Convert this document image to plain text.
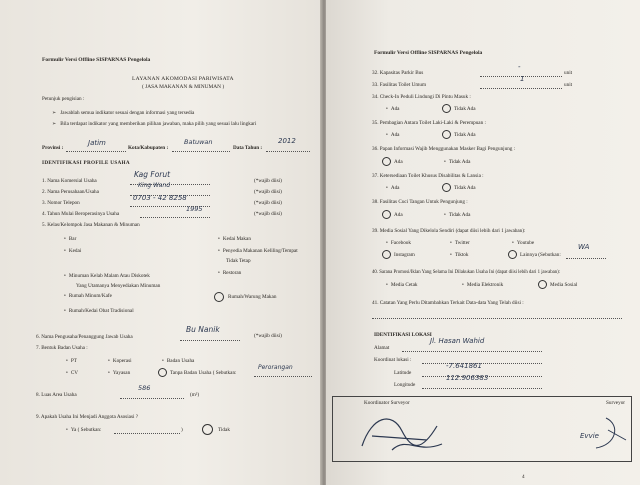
Formulir Versi Offline SISPARNAS Pengelola
LAYANAN AKOMODASI PARIWISATA
( JASA MAKANAN & MINUMAN )
Petunjuk pengisian :
➢   Jawablah semua indikator sesuai dengan informasi yang tersedia
➢   Bila terdapat indikator yang memberikan pilihan jawaban, maka pilih yang sesuai lalu lingkari
Provinsi :
Jatim
Kota/Kabupaten :
Batuwan
Data Tahun :
2012
IDENTIFIKASI PROFILE USAHA
1. Nama Komersial Usaha
Kag Forut
(*wajib diisi)
2. Nama Perusahaan/Usaha
King Wand
(*wajib diisi)
3. Nomor Telepon
0703 - 42 8258
(*wajib diisi)
4. Tahun Mulai Beroperasinya Usaha
1995
(*wajib diisi)
5. Kelas/Kelompok Jasa Makanan & Minuman
• Bar	• Kedai Makan
• Kedai	• Penyedia Makanan Keliling/Tempat
Tidak Tetap
• Minuman Kelab Malam Atau Diskotek
Yang Utamanya Menyediakan Minuman
• Restoran
• Rumah Minum/Kafe	Rumah/Warung Makan
• Rumah/Kedai Obat Tradisional
6. Nama Pengusaha/Penanggung Jawab Usaha
Bu Nanik
(*wajib diisi)
7. Bentuk Badan Usaha :
• PT	• Koperasi	• Badan Usaha
• CV	• Yayasan	Tanpa Badan Usaha ( Sebutkan:
Perorangan
8. Luas Area Usaha
586
(m²)
9. Apakah Usaha Ini Menjadi Anggota Asosiasi ?
• Ya ( Sebutkan:	)	Tidak
Formulir Versi Offline SISPARNAS Pengelola
32. Kapasitas Parkir Bus
-
unit
33. Fasilitas Toilet Umum
1
unit
34. Check-In Peduli Lindungi Di Pintu Masuk :
• Ada	Tidak Ada
35. Pembagian Antara Toilet Laki-Laki & Perempuan :
• Ada	Tidak Ada
36. Papan Informasi Wajib Menggunakan Masker Bagi Pengunjung :
Ada	• Tidak Ada
37. Ketersediaan Toilet Khusus Disabilitas & Lansia :
• Ada	Tidak Ada
38. Fasilitas Cuci Tangan Untuk Pengunjung :
Ada	• Tidak Ada
39. Media Sosial Yang Dikelola Sendiri (dapat diisi lebih dari 1 jawaban):
• Facebook	• Twitter	• Youtube
Instagram	• Tiktok	Lainnya (Sebutkan:
WA
40. Sarana Promosi/Iklan Yang Selama Ini Dilakukan Usaha Ini (dapat diisi lebih dari 1 jawaban):
• Media Cetak	• Media Elektronik	Media Sosial
41. Catatan Yang Perlu Ditambahkan Terkait Data-data Yang Telah diisi :
IDENTIFIKASI LOKASI
Alamat
Jl. Hasan Wahid
Koordinat lokasi :
Latitude
-7.641861
Longitude
112.906383
Koordinator Surveyor	Surveyor
Evvie
4
